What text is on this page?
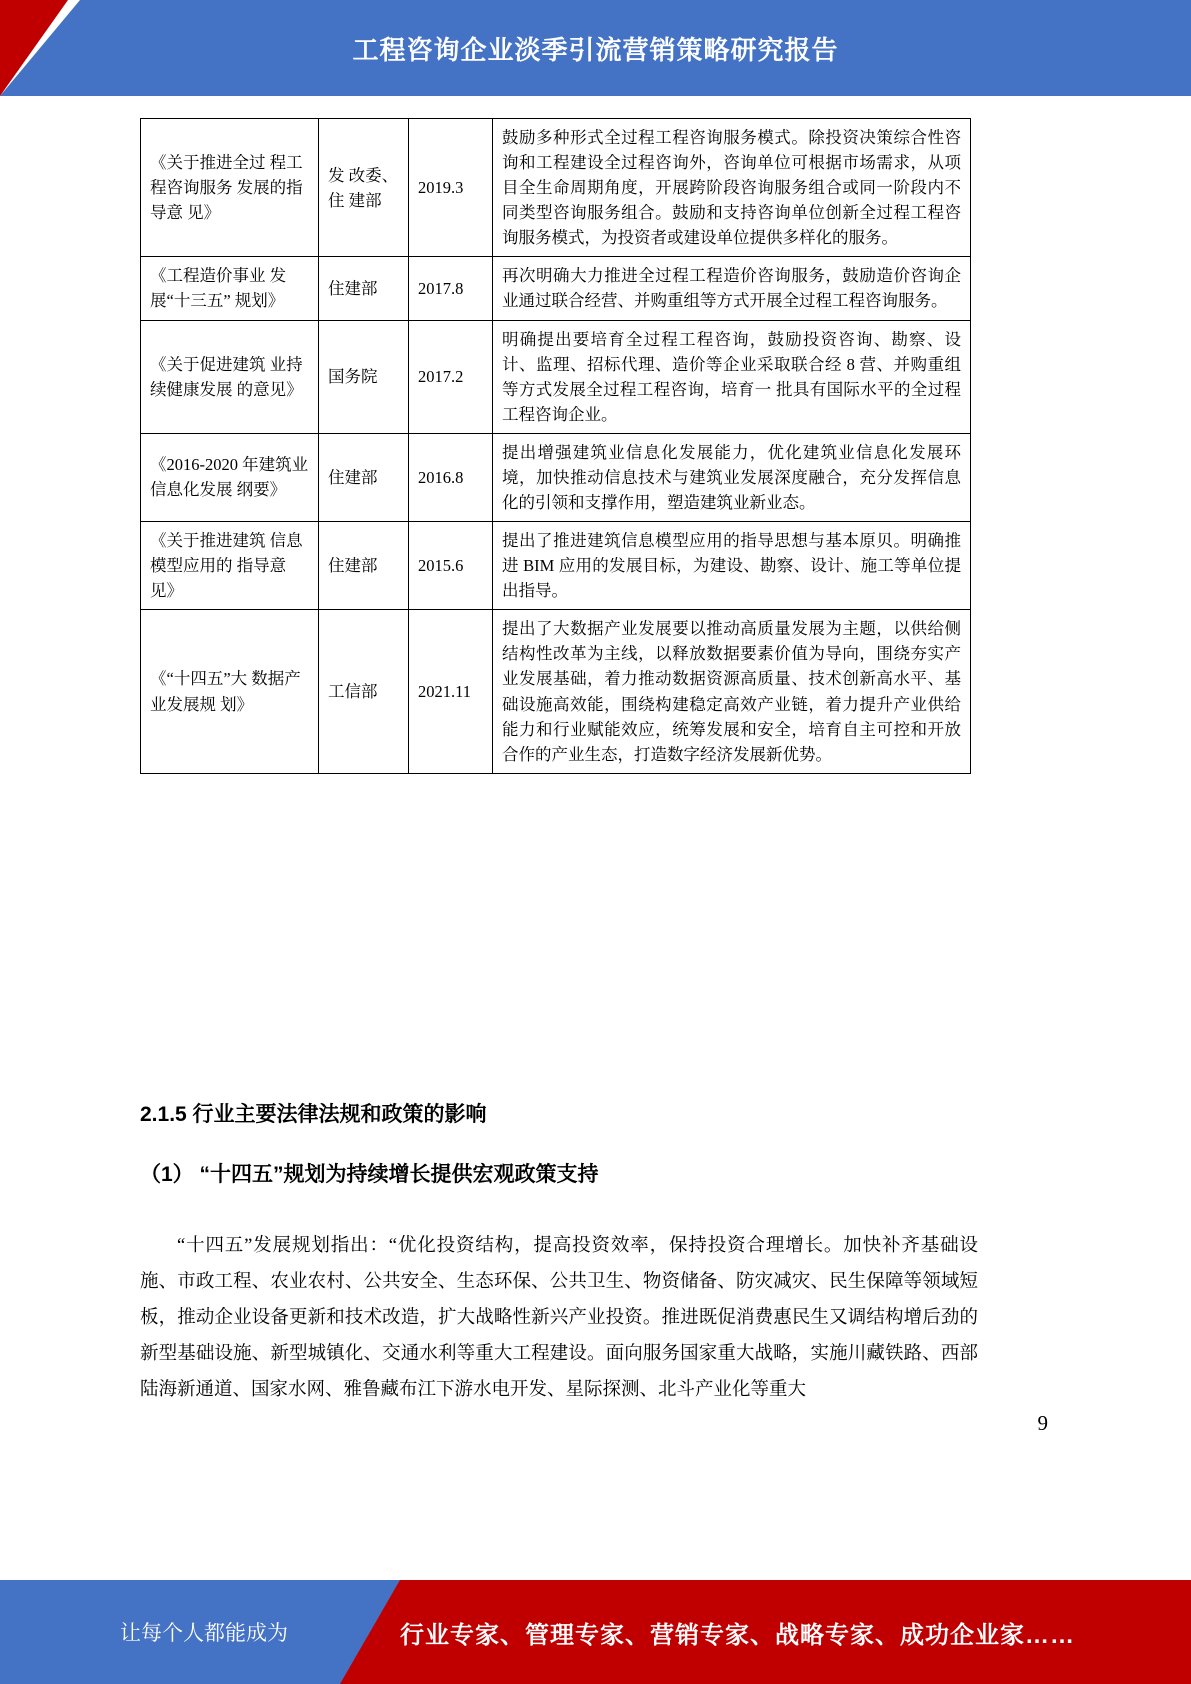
工程咨询企业淡季引流营销策略研究报告
《关于推进全过 程工程咨询服务 发展的指导意 见》	发 改委、住 建部	2019.3	鼓励多种形式全过程工程咨询服务模式。除投资决策综合性咨询和工程建设全过程咨询外，咨询单位可根据市场需求，从项目全生命周期角度，开展跨阶段咨询服务组合或同一阶段内不同类型咨询服务组合。鼓励和支持咨询单位创新全过程工程咨询服务模式，为投资者或建设单位提供多样化的服务。
《工程造价事业 发展“十三五” 规划》	住建部	2017.8	再次明确大力推进全过程工程造价咨询服务，鼓励造价咨询企业通过联合经营、并购重组等方式开展全过程工程咨询服务。
《关于促进建筑 业持续健康发展 的意见》	国务院	2017.2	明确提出要培育全过程工程咨询，鼓励投资咨询、勘察、设计、监理、招标代理、造价等企业采取联合经 8 营、并购重组等方式发展全过程工程咨询，培育一 批具有国际水平的全过程工程咨询企业。
《2016-2020 年建筑业信息化发展 纲要》	住建部	2016.8	提出增强建筑业信息化发展能力，优化建筑业信息化发展环境，加快推动信息技术与建筑业发展深度融合，充分发挥信息化的引领和支撑作用，塑造建筑业新业态。
《关于推进建筑 信息模型应用的 指导意见》	住建部	2015.6	提出了推进建筑信息模型应用的指导思想与基本原贝。明确推进 BIM 应用的发展目标，为建设、勘察、设计、施工等单位提出指导。
《“十四五”大 数据产业发展规 划》	工信部	2021.11	提出了大数据产业发展要以推动高质量发展为主题，以供给侧结构性改革为主线，以释放数据要素价值为导向，围绕夯实产业发展基础，着力推动数据资源高质量、技术创新高水平、基础设施高效能，围绕构建稳定高效产业链，着力提升产业供给能力和行业赋能效应，统筹发展和安全，培育自主可控和开放合作的产业生态，打造数字经济发展新优势。
2.1.5 行业主要法律法规和政策的影响
（1） “十四五”规划为持续增长提供宏观政策支持
“十四五”发展规划指出：“优化投资结构，提高投资效率，保持投资合理增长。加快补齐基础设施、市政工程、农业农村、公共安全、生态环保、公共卫生、物资储备、防灾减灾、民生保障等领域短板，推动企业设备更新和技术改造，扩大战略性新兴产业投资。推进既促消费惠民生又调结构增后劲的新型基础设施、新型城镇化、交通水利等重大工程建设。面向服务国家重大战略，实施川藏铁路、西部陆海新通道、国家水网、雅鲁藏布江下游水电开发、星际探测、北斗产业化等重大
9
让每个人都能成为	行业专家、管理专家、营销专家、战略专家、成功企业家……
